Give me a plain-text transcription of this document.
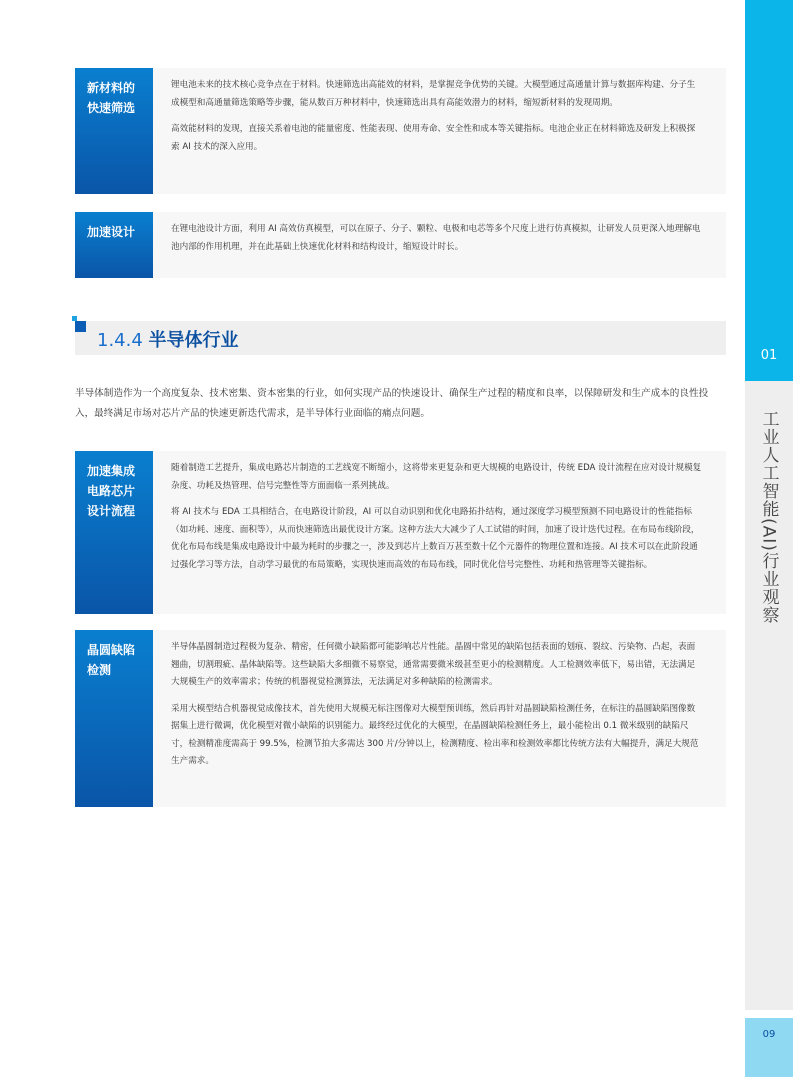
新材料的
快速筛选

锂电池未来的技术核心竞争点在于材料。快速筛选出高能效的材料，是掌握竞争优势的关键。大模型通过高通量计算与数据库构建、分子生成模型和高通量筛选策略等步骤，能从数百万种材料中，快速筛选出具有高能效潜力的材料，缩短新材料的发现周期。

高效能材料的发现，直接关系着电池的能量密度、性能表现、使用寿命、安全性和成本等关键指标。电池企业正在材料筛选及研发上积极探索 AI 技术的深入应用。

加速设计	在锂电池设计方面，利用 AI 高效仿真模型，可以在原子、分子、颗粒、电极和电芯等多个尺度上进行仿真模拟，让研发人员更深入地理解电池内部的作用机理，并在此基础上快速优化材料和结构设计，缩短设计时长。

1.4.4 半导体行业

半导体制造作为一个高度复杂、技术密集、资本密集的行业，如何实现产品的快速设计、确保生产过程的精度和良率，以保障研发和生产成本的良性投入，最终满足市场对芯片产品的快速更新迭代需求，是半导体行业面临的痛点问题。

加速集成
电路芯片
设计流程

随着制造工艺提升，集成电路芯片制造的工艺线宽不断缩小，这将带来更复杂和更大规模的电路设计，传统 EDA 设计流程在应对设计规模复杂度、功耗及热管理、信号完整性等方面面临一系列挑战。

将 AI 技术与 EDA 工具相结合，在电路设计阶段，AI 可以自动识别和优化电路拓扑结构，通过深度学习模型预测不同电路设计的性能指标（如功耗、速度、面积等），从而快速筛选出最优设计方案。这种方法大大减少了人工试错的时间，加速了设计迭代过程。在布局布线阶段，优化布局布线是集成电路设计中最为耗时的步骤之一，涉及到芯片上数百万甚至数十亿个元器件的物理位置和连接。AI 技术可以在此阶段通过强化学习等方法，自动学习最优的布局策略，实现快速而高效的布局布线，同时优化信号完整性、功耗和热管理等关键指标。

晶圆缺陷
检测

半导体晶圆制造过程极为复杂、精密，任何微小缺陷都可能影响芯片性能。晶圆中常见的缺陷包括表面的划痕、裂纹、污染物、凸起，表面翘曲，切割瑕疵、晶体缺陷等。这些缺陷大多细微不易察觉，通常需要微米级甚至更小的检测精度。人工检测效率低下，易出错，无法满足大规模生产的效率需求；传统的机器视觉检测算法，无法满足对多种缺陷的检测需求。

采用大模型结合机器视觉成像技术，首先使用大规模无标注图像对大模型预训练，然后再针对晶圆缺陷检测任务，在标注的晶圆缺陷图像数据集上进行微调，优化模型对微小缺陷的识别能力。最终经过优化的大模型，在晶圆缺陷检测任务上，最小能检出 0.1 微米级别的缺陷尺寸，检测精准度需高于 99.5%，检测节拍大多需达 300 片/分钟以上，检测精度、检出率和检测效率都比传统方法有大幅提升，满足大规范生产需求。

01
工业人工智能(AI)行业观察
09
